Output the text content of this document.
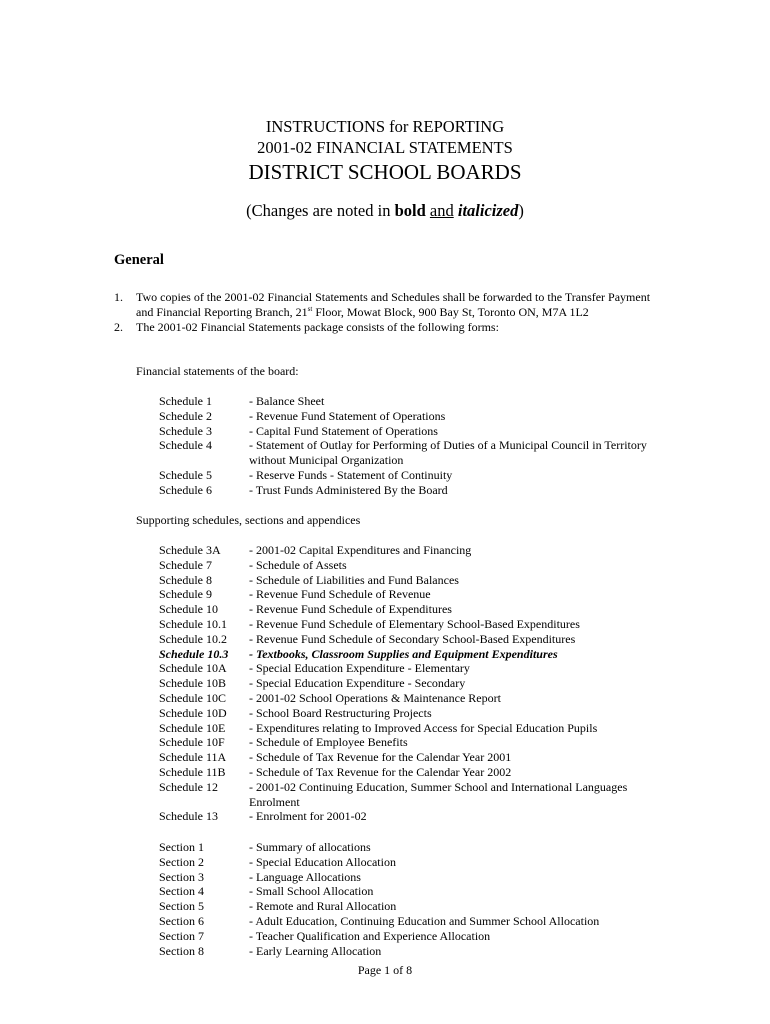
INSTRUCTIONS for REPORTING
2001-02 FINANCIAL STATEMENTS
DISTRICT SCHOOL BOARDS
(Changes are noted in bold and italicized)
General
1. Two copies of the 2001-02 Financial Statements and Schedules shall be forwarded to the Transfer Payment and Financial Reporting Branch, 21st Floor, Mowat Block, 900 Bay St, Toronto ON, M7A 1L2
2. The 2001-02 Financial Statements package consists of the following forms:
Financial statements of the board:
Schedule 1	- Balance Sheet
Schedule 2	- Revenue Fund Statement of Operations
Schedule 3	- Capital Fund Statement of Operations
Schedule 4	- Statement of Outlay for Performing of Duties of a Municipal Council in Territory without Municipal Organization
Schedule 5	- Reserve Funds - Statement of Continuity
Schedule 6	- Trust Funds Administered By the Board
Supporting schedules, sections and appendices
Schedule 3A	- 2001-02 Capital Expenditures and Financing
Schedule 7	- Schedule of Assets
Schedule 8	- Schedule of Liabilities and Fund Balances
Schedule 9	- Revenue Fund Schedule of Revenue
Schedule 10	- Revenue Fund Schedule of Expenditures
Schedule 10.1	- Revenue Fund Schedule of Elementary School-Based Expenditures
Schedule 10.2	- Revenue Fund Schedule of Secondary School-Based Expenditures
Schedule 10.3	- Textbooks, Classroom Supplies and Equipment Expenditures
Schedule 10A	- Special Education Expenditure - Elementary
Schedule 10B	- Special Education Expenditure - Secondary
Schedule 10C	- 2001-02 School Operations & Maintenance Report
Schedule 10D	- School Board Restructuring Projects
Schedule 10E	- Expenditures relating to Improved Access for Special Education Pupils
Schedule 10F	- Schedule of Employee Benefits
Schedule 11A	- Schedule of Tax Revenue for the Calendar Year 2001
Schedule 11B	- Schedule of Tax Revenue for the Calendar Year 2002
Schedule 12	- 2001-02 Continuing Education, Summer School and International Languages Enrolment
Schedule 13	- Enrolment for 2001-02
Section 1	- Summary of allocations
Section 2	- Special Education Allocation
Section 3	- Language Allocations
Section 4	- Small School Allocation
Section 5	- Remote and Rural Allocation
Section 6	- Adult Education, Continuing Education and Summer School Allocation
Section 7	- Teacher Qualification and Experience Allocation
Section 8	- Early Learning Allocation
Page 1 of 8
